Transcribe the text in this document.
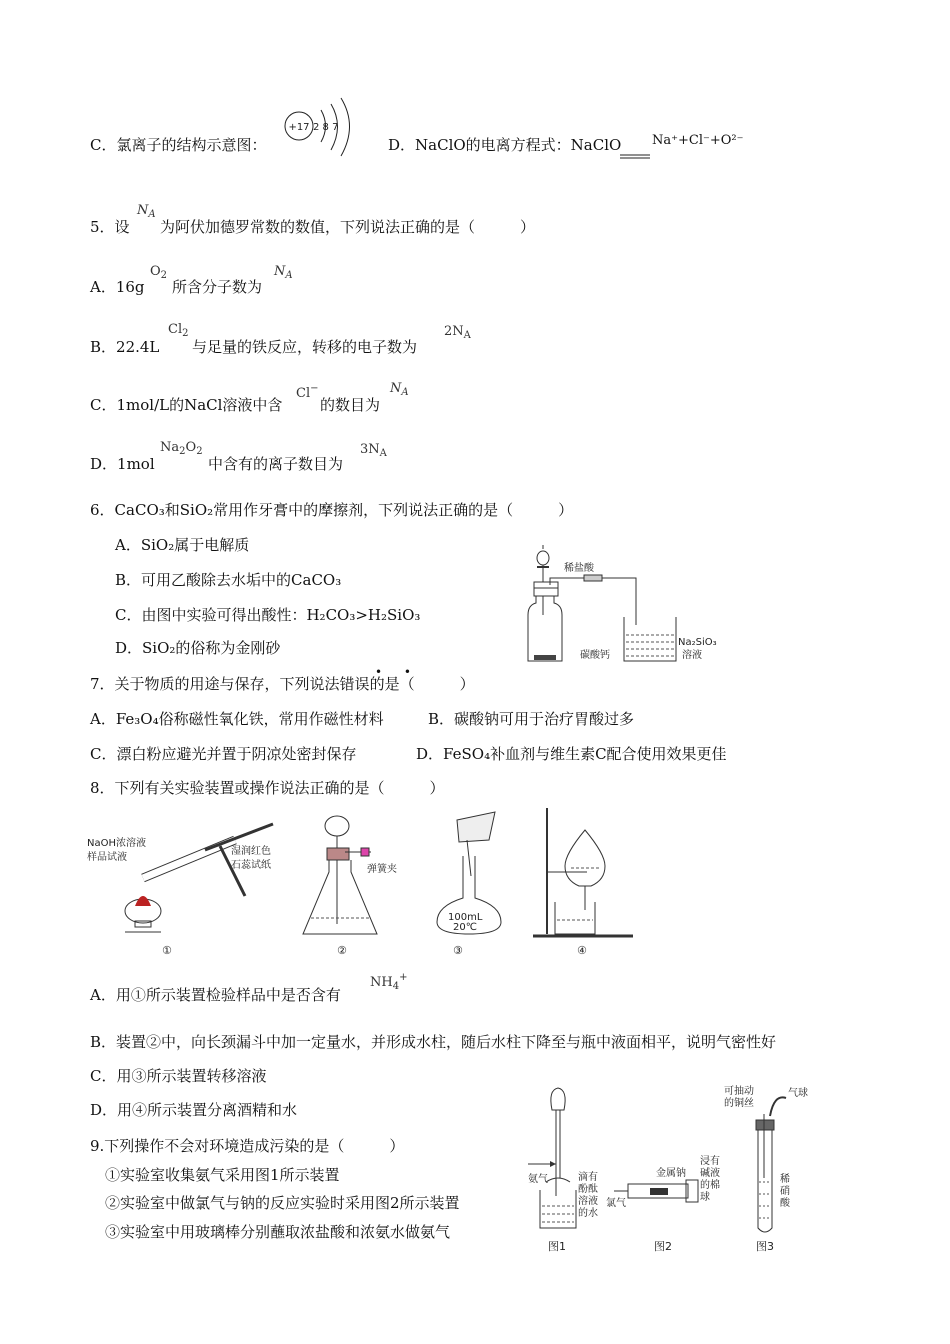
C．氯离子的结构示意图：
+17 2 8 7
D．NaClO的电离方程式：NaClO Na⁺+Cl⁻+O²⁻
5．设
$N_A$
为阿伏加德罗常数的数值，下列说法正确的是（　　　）
A．16g
$O_2$
所含分子数为
$N_A$
B．22.4L
$Cl_2$
与足量的铁反应，转移的电子数为
$2N_A$
C．1mol/L的NaCl溶液中含
Cl−
的数目为
$N_A$
D．1mol
$Na_2O_2$
中含有的离子数目为
$3N_A$
6．CaCO₃和SiO₂常用作牙膏中的摩擦剂，下列说法正确的是（　　　）
A．SiO₂属于电解质
B．可用乙酸除去水垢中的CaCO₃
C．由图中实验可得出酸性：H₂CO₃>H₂SiO₃
D．SiO₂的俗称为金刚砂
稀盐酸
碳酸钙
Na₂SiO₃
溶液
7．关于物质的用途与保存，下列说法错误的是（　　　）
• •
A．Fe₃O₄俗称磁性氧化铁，常用作磁性材料	B．碳酸钠可用于治疗胃酸过多
C．漂白粉应避光并置于阴凉处密封保存	D．FeSO₄补血剂与维生素C配合使用效果更佳
8．下列有关实验装置或操作说法正确的是（　　　）
NaOH浓溶液
样品试液
湿润红色
石蕊试纸
①
弹簧夹
②
100mL
20℃
③	④
A．用①所示装置检验样品中是否含有
$NH_4^+$
B．装置②中，向长颈漏斗中加一定量水，并形成水柱，随后水柱下降至与瓶中液面相平，说明气密性好
C．用③所示装置转移溶液
D．用④所示装置分离酒精和水
9.下列操作不会对环境造成污染的是（　　　）
①实验室收集氨气采用图1所示装置
②实验室中做氯气与钠的反应实验时采用图2所示装置
③实验室中用玻璃棒分别蘸取浓盐酸和浓氨水做氨气
氨气	滴有
酚酞
溶液
的水
图1
金属钠
氯气
浸有
碱液
的棉
球
图2
可抽动
的铜丝
气球
稀
硝
酸
图3
